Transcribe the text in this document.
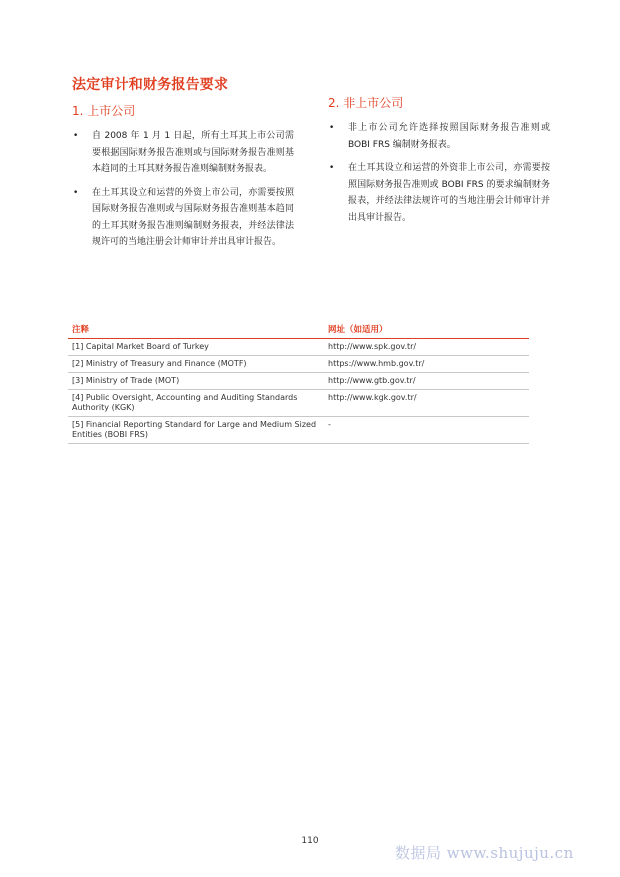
法定审计和财务报告要求
1. 上市公司
• 自 2008 年 1 月 1 日起，所有土耳其上市公司需要根据国际财务报告准则或与国际财务报告准则基本趋同的土耳其财务报告准则编制财务报表。
• 在土耳其设立和运营的外资上市公司，亦需要按照国际财务报告准则或与国际财务报告准则基本趋同的土耳其财务报告准则编制财务报表，并经法律法规许可的当地注册会计师审计并出具审计报告。
2. 非上市公司
• 非上市公司允许选择按照国际财务报告准则或 BOBI FRS 编制财务报表。
• 在土耳其设立和运营的外资非上市公司，亦需要按照国际财务报告准则或 BOBI FRS 的要求编制财务报表，并经法律法规许可的当地注册会计师审计并出具审计报告。
注释	网址（如适用）
[1] Capital Market Board of Turkey	http://www.spk.gov.tr/
[2] Ministry of Treasury and Finance (MOTF)	https://www.hmb.gov.tr/
[3] Ministry of Trade (MOT)	http://www.gtb.gov.tr/
[4] Public Oversight, Accounting and Auditing Standards Authority (KGK)	http://www.kgk.gov.tr/
[5] Financial Reporting Standard for Large and Medium Sized Entities (BOBI FRS)	-
110
数据局 www.shujuju.cn
